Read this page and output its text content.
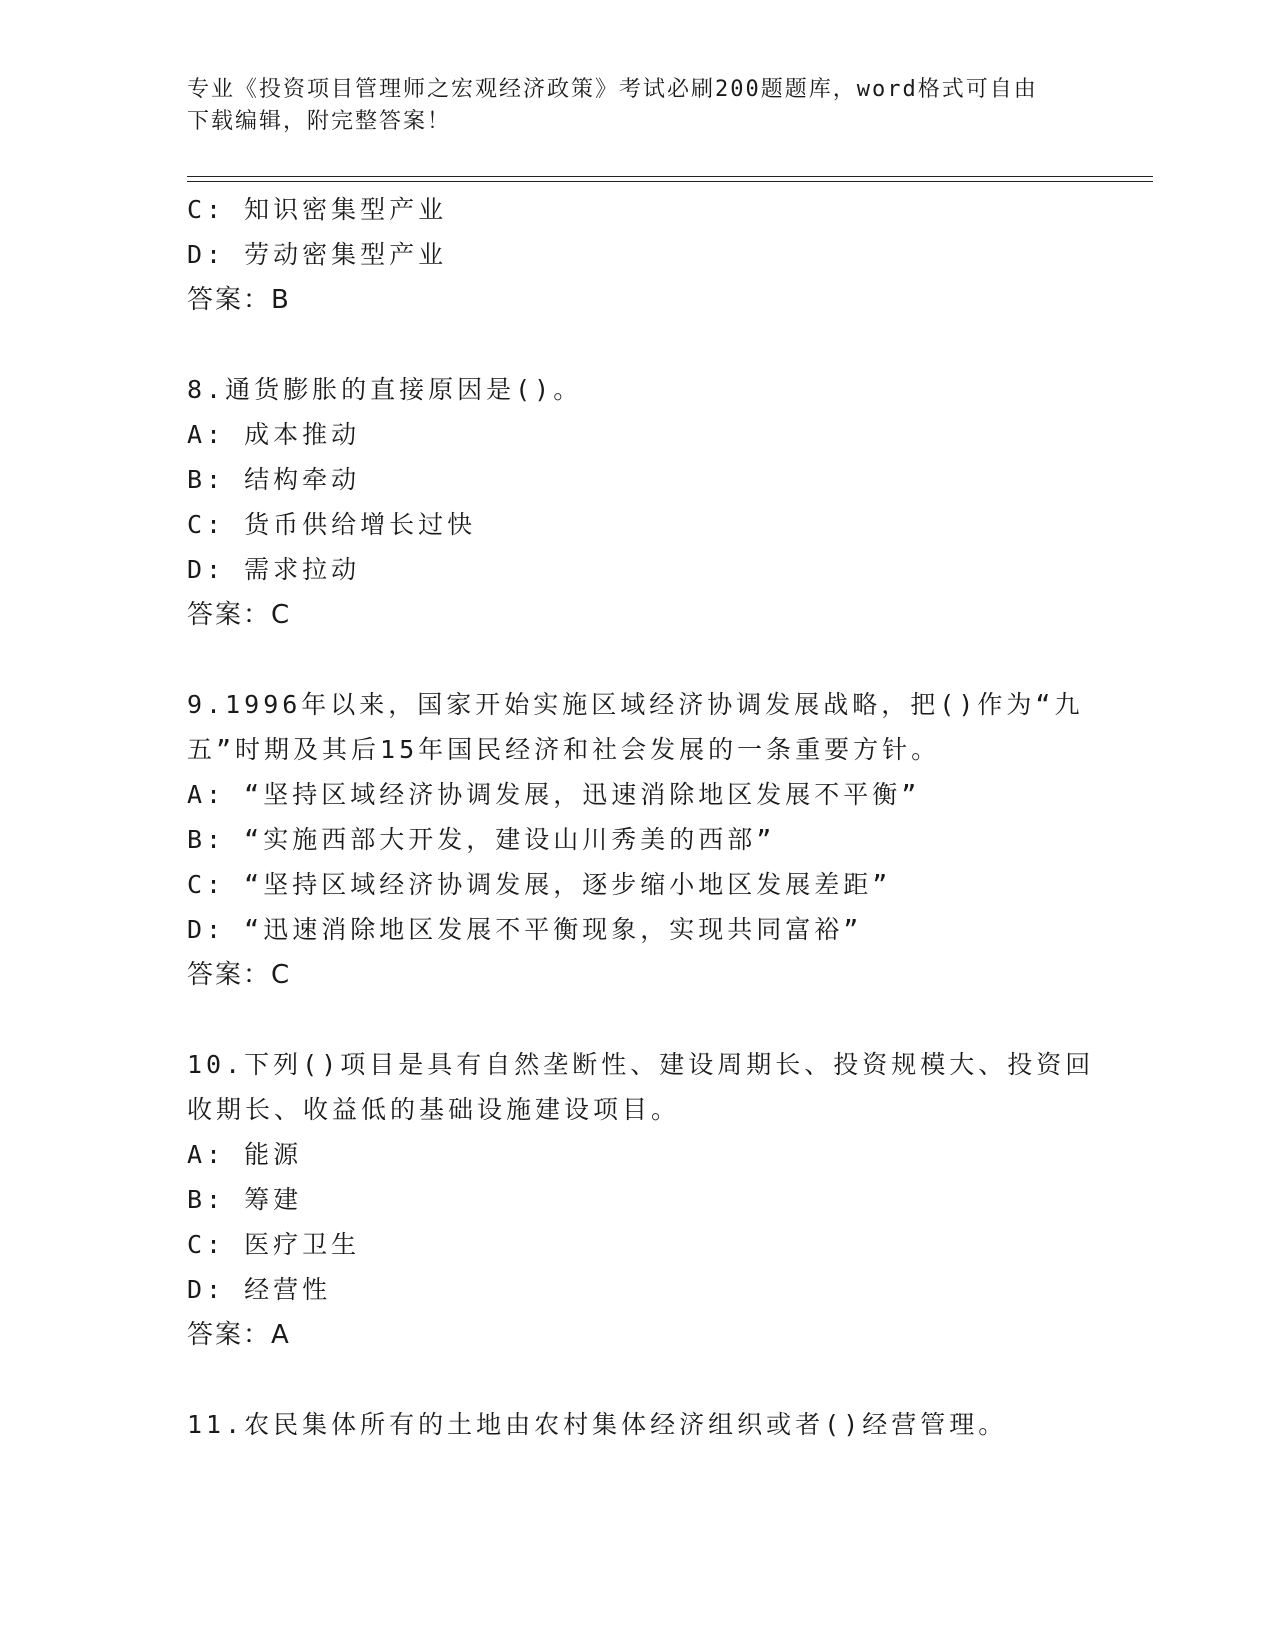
专业《投资项目管理师之宏观经济政策》考试必刷200题题库，word格式可自由
下载编辑，附完整答案！
C: 知识密集型产业
D: 劳动密集型产业
答案：B
8.通货膨胀的直接原因是()。
A: 成本推动
B: 结构牵动
C: 货币供给增长过快
D: 需求拉动
答案：C
9.1996年以来，国家开始实施区域经济协调发展战略，把()作为“九
五”时期及其后15年国民经济和社会发展的一条重要方针。
A: “坚持区域经济协调发展，迅速消除地区发展不平衡”
B: “实施西部大开发，建设山川秀美的西部”
C: “坚持区域经济协调发展，逐步缩小地区发展差距”
D: “迅速消除地区发展不平衡现象，实现共同富裕”
答案：C
10.下列()项目是具有自然垄断性、建设周期长、投资规模大、投资回
收期长、收益低的基础设施建设项目。
A: 能源
B: 筹建
C: 医疗卫生
D: 经营性
答案：A
11.农民集体所有的土地由农村集体经济组织或者()经营管理。
